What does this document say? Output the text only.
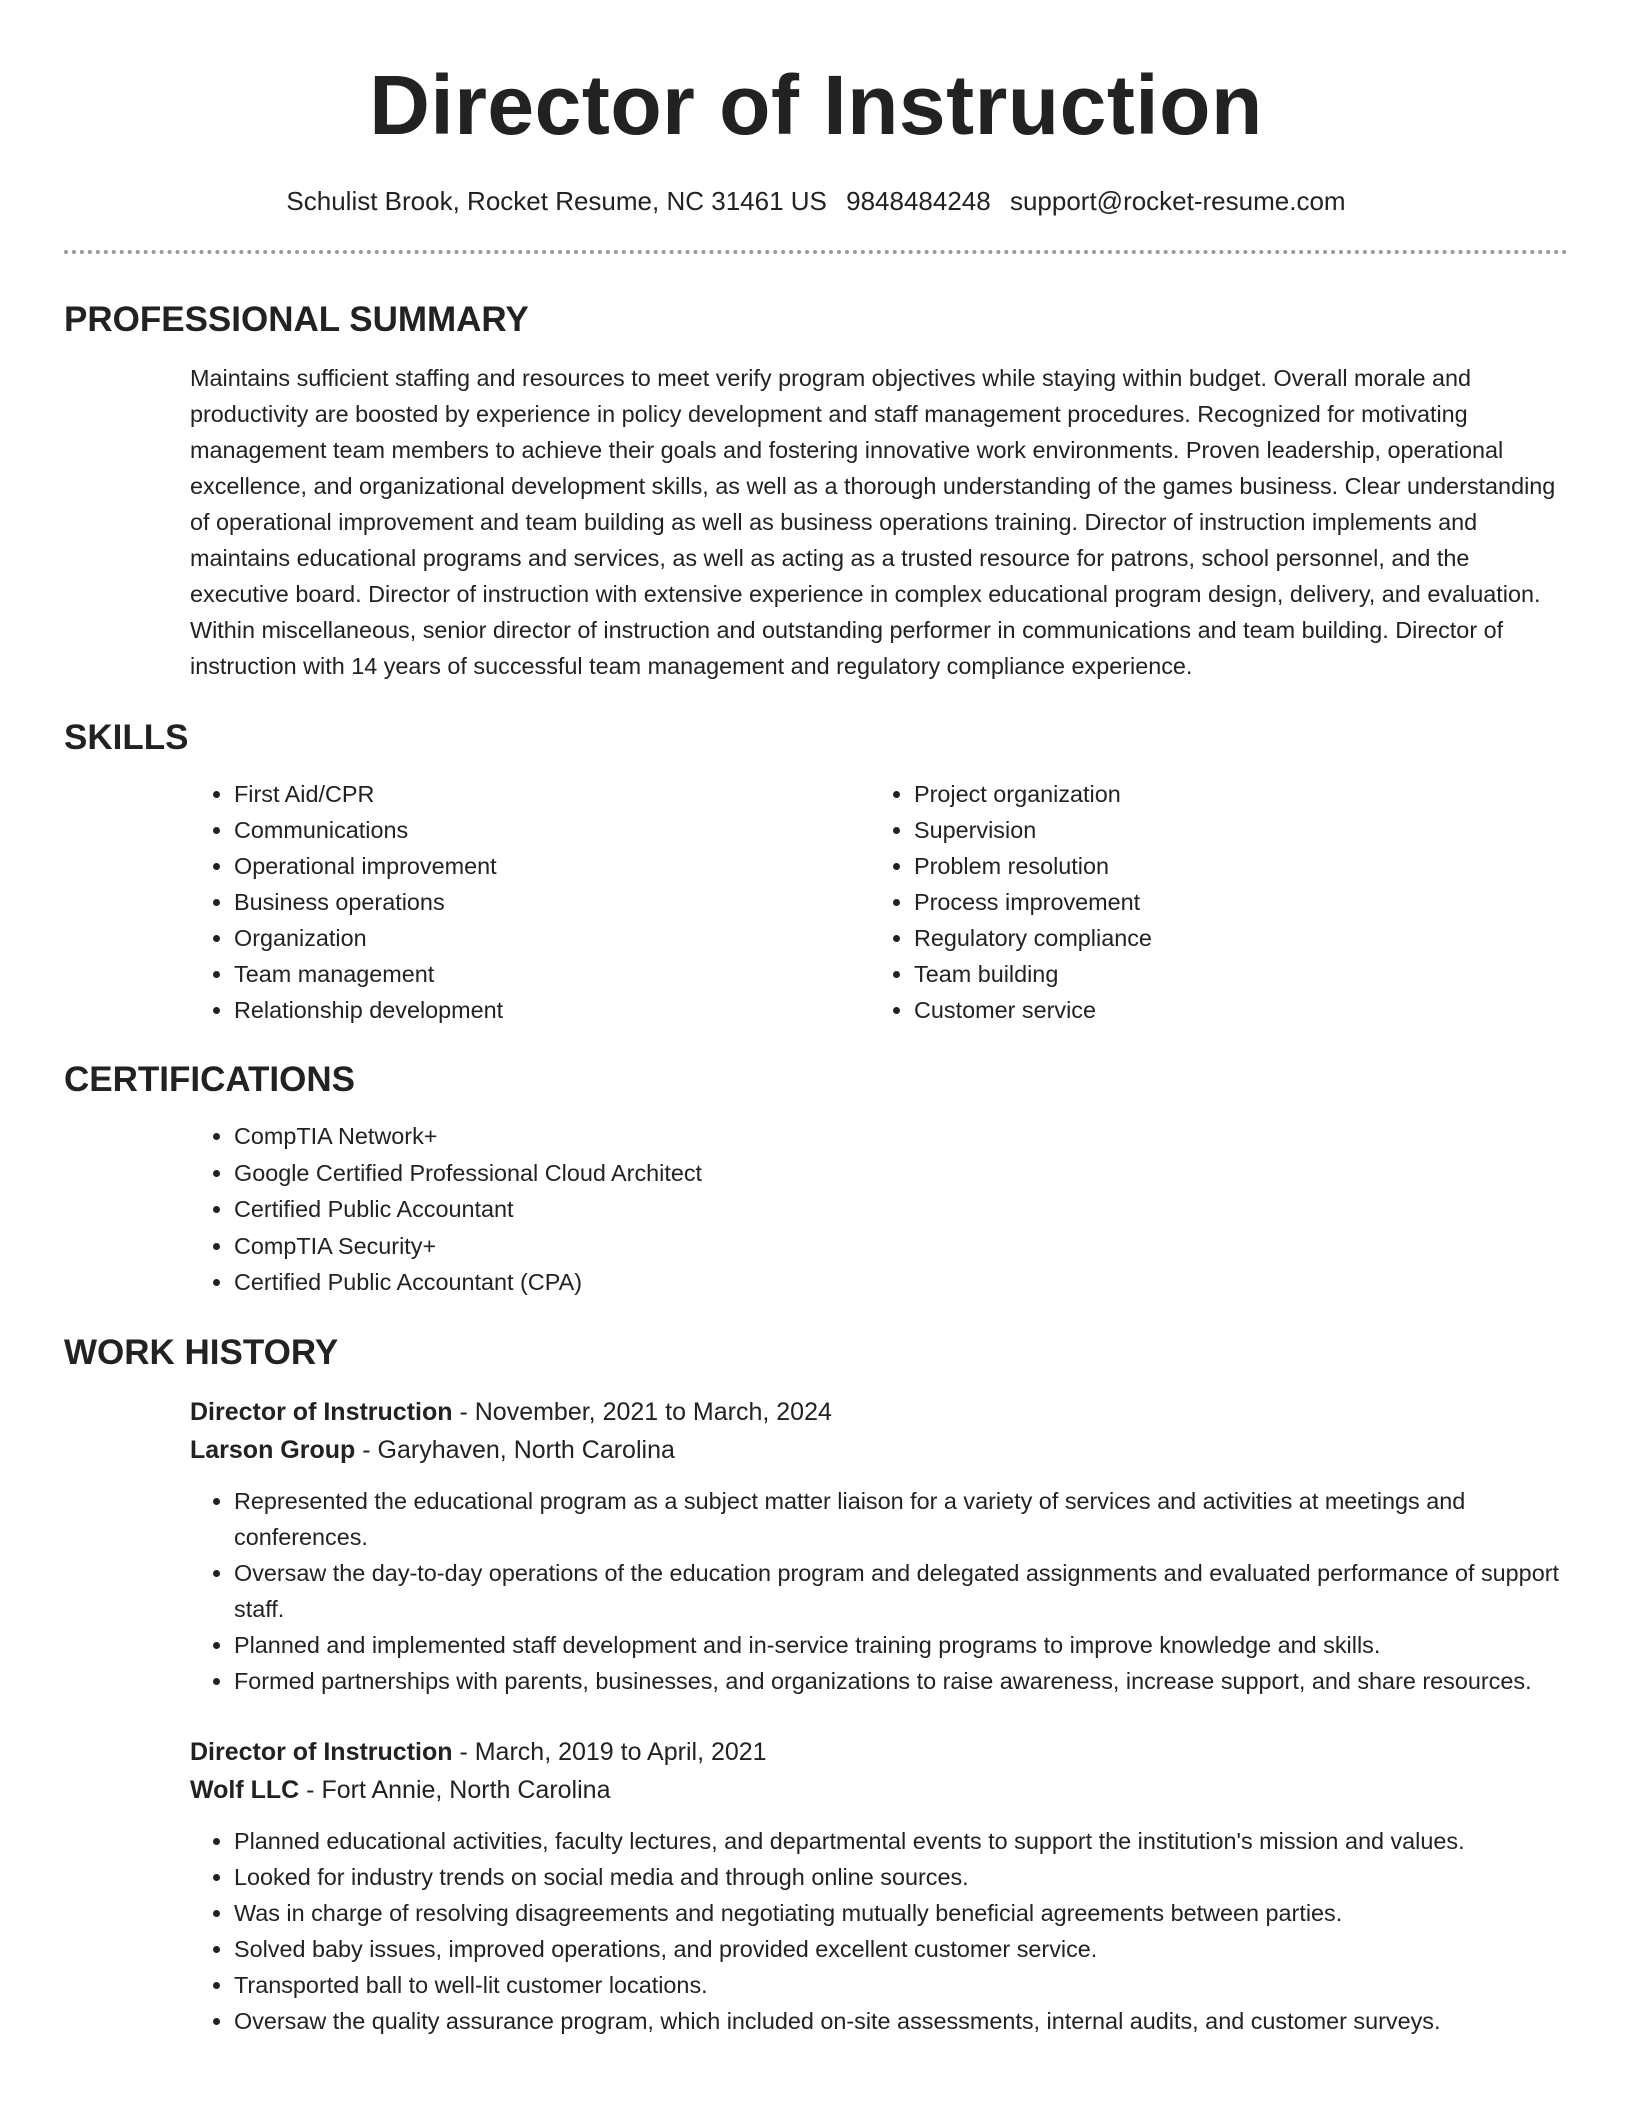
Director of Instruction
Schulist Brook, Rocket Resume, NC 31461 US 9848484248 support@rocket-resume.com
PROFESSIONAL SUMMARY
Maintains sufficient staffing and resources to meet verify program objectives while staying within budget. Overall morale and productivity are boosted by experience in policy development and staff management procedures. Recognized for motivating management team members to achieve their goals and fostering innovative work environments. Proven leadership, operational excellence, and organizational development skills, as well as a thorough understanding of the games business. Clear understanding of operational improvement and team building as well as business operations training. Director of instruction implements and maintains educational programs and services, as well as acting as a trusted resource for patrons, school personnel, and the executive board. Director of instruction with extensive experience in complex educational program design, delivery, and evaluation. Within miscellaneous, senior director of instruction and outstanding performer in communications and team building. Director of instruction with 14 years of successful team management and regulatory compliance experience.
SKILLS
• First Aid/CPR
• Communications
• Operational improvement
• Business operations
• Organization
• Team management
• Relationship development
• Project organization
• Supervision
• Problem resolution
• Process improvement
• Regulatory compliance
• Team building
• Customer service
CERTIFICATIONS
• CompTIA Network+
• Google Certified Professional Cloud Architect
• Certified Public Accountant
• CompTIA Security+
• Certified Public Accountant (CPA)
WORK HISTORY
Director of Instruction - November, 2021 to March, 2024
Larson Group - Garyhaven, North Carolina
• Represented the educational program as a subject matter liaison for a variety of services and activities at meetings and conferences.
• Oversaw the day-to-day operations of the education program and delegated assignments and evaluated performance of support staff.
• Planned and implemented staff development and in-service training programs to improve knowledge and skills.
• Formed partnerships with parents, businesses, and organizations to raise awareness, increase support, and share resources.
Director of Instruction - March, 2019 to April, 2021
Wolf LLC - Fort Annie, North Carolina
• Planned educational activities, faculty lectures, and departmental events to support the institution's mission and values.
• Looked for industry trends on social media and through online sources.
• Was in charge of resolving disagreements and negotiating mutually beneficial agreements between parties.
• Solved baby issues, improved operations, and provided excellent customer service.
• Transported ball to well-lit customer locations.
• Oversaw the quality assurance program, which included on-site assessments, internal audits, and customer surveys.
